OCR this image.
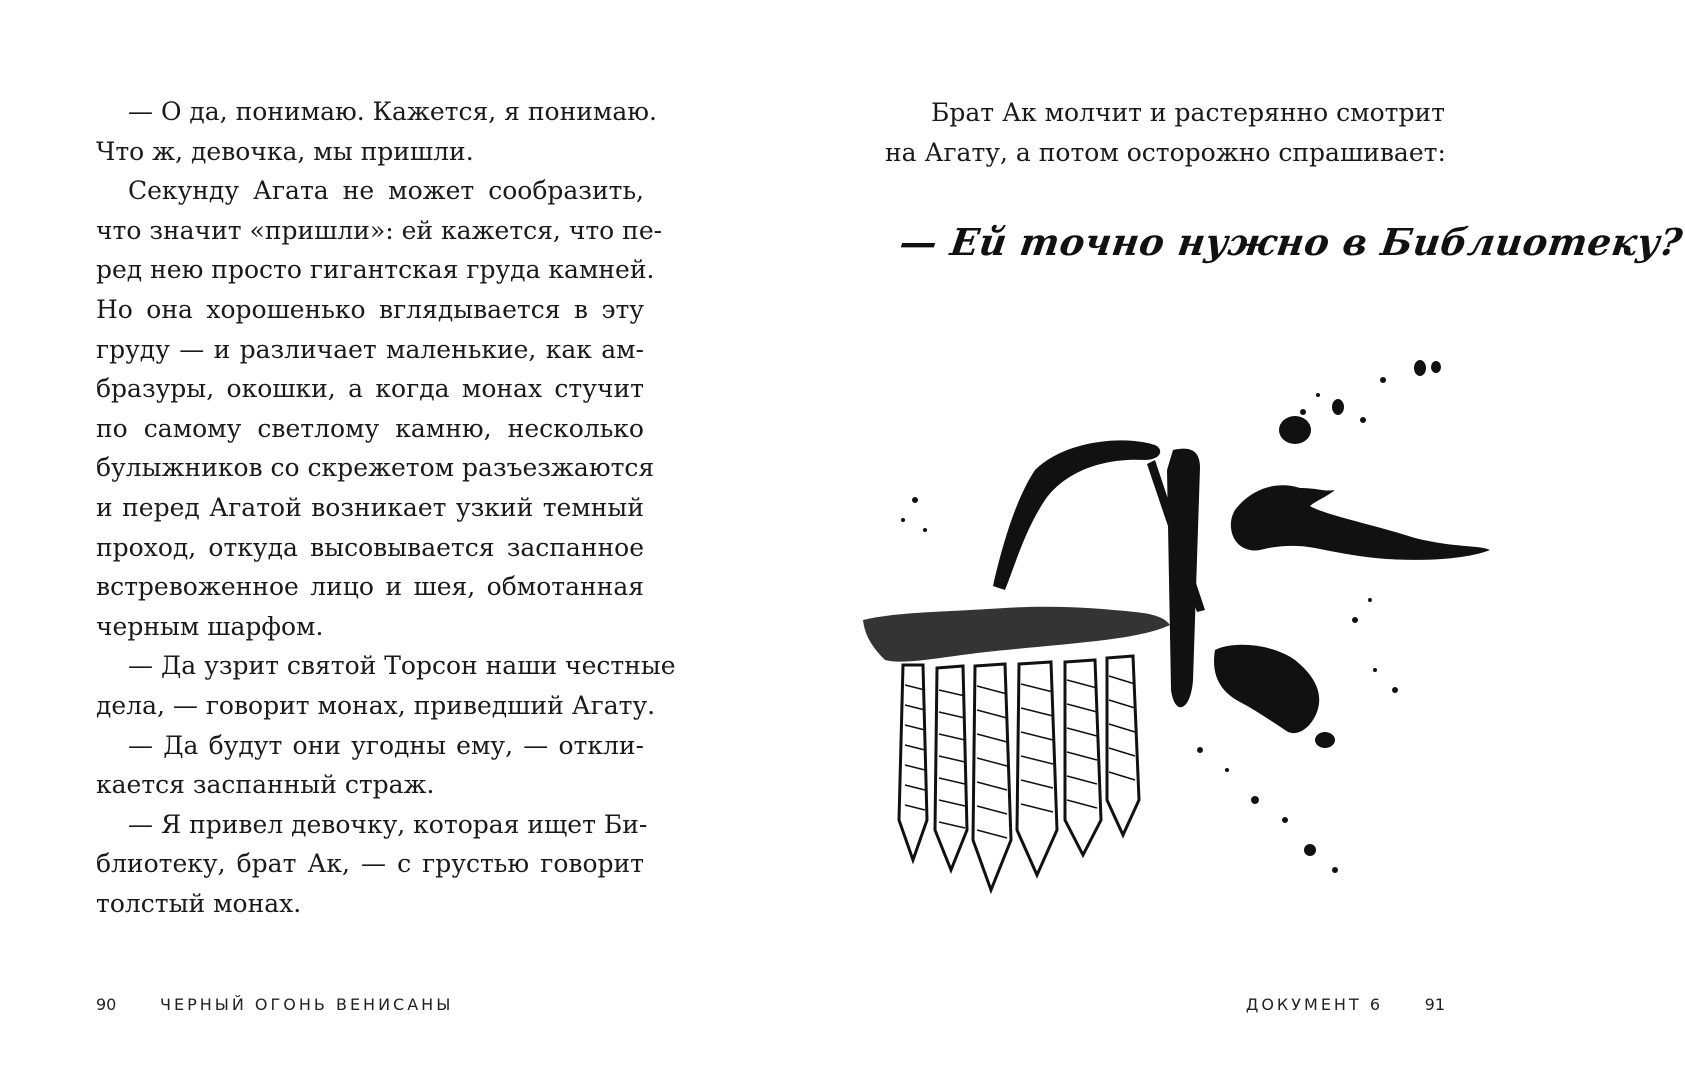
— О да, понимаю. Кажется, я понимаю.
Что ж, девочка, мы пришли.
Секунду Агата не может сообразить,
что значит «пришли»: ей кажется, что пе-
ред нею просто гигантская груда камней.
Но она хорошенько вглядывается в эту
груду — и различает маленькие, как ам-
бразуры, окошки, а когда монах стучит
по самому светлому камню, несколько
булыжников со скрежетом разъезжаются
и перед Агатой возникает узкий темный
проход, откуда высовывается заспанное
встревоженное лицо и шея, обмотанная
черным шарфом.
— Да узрит святой Торсон наши честные
дела, — говорит монах, приведший Агату.
— Да будут они угодны ему, — откли-
кается заспанный страж.
— Я привел девочку, которая ищет Би-
блиотеку, брат Ак, — с грустью говорит
толстый монах.
90	ЧЕРНЫЙ ОГОНЬ ВЕНИСАНЫ
Брат Ак молчит и растерянно смотрит
на Агату, а потом осторожно спрашивает:
— Ей точно нужно в Библиотеку?
ДОКУМЕНТ 6	91
